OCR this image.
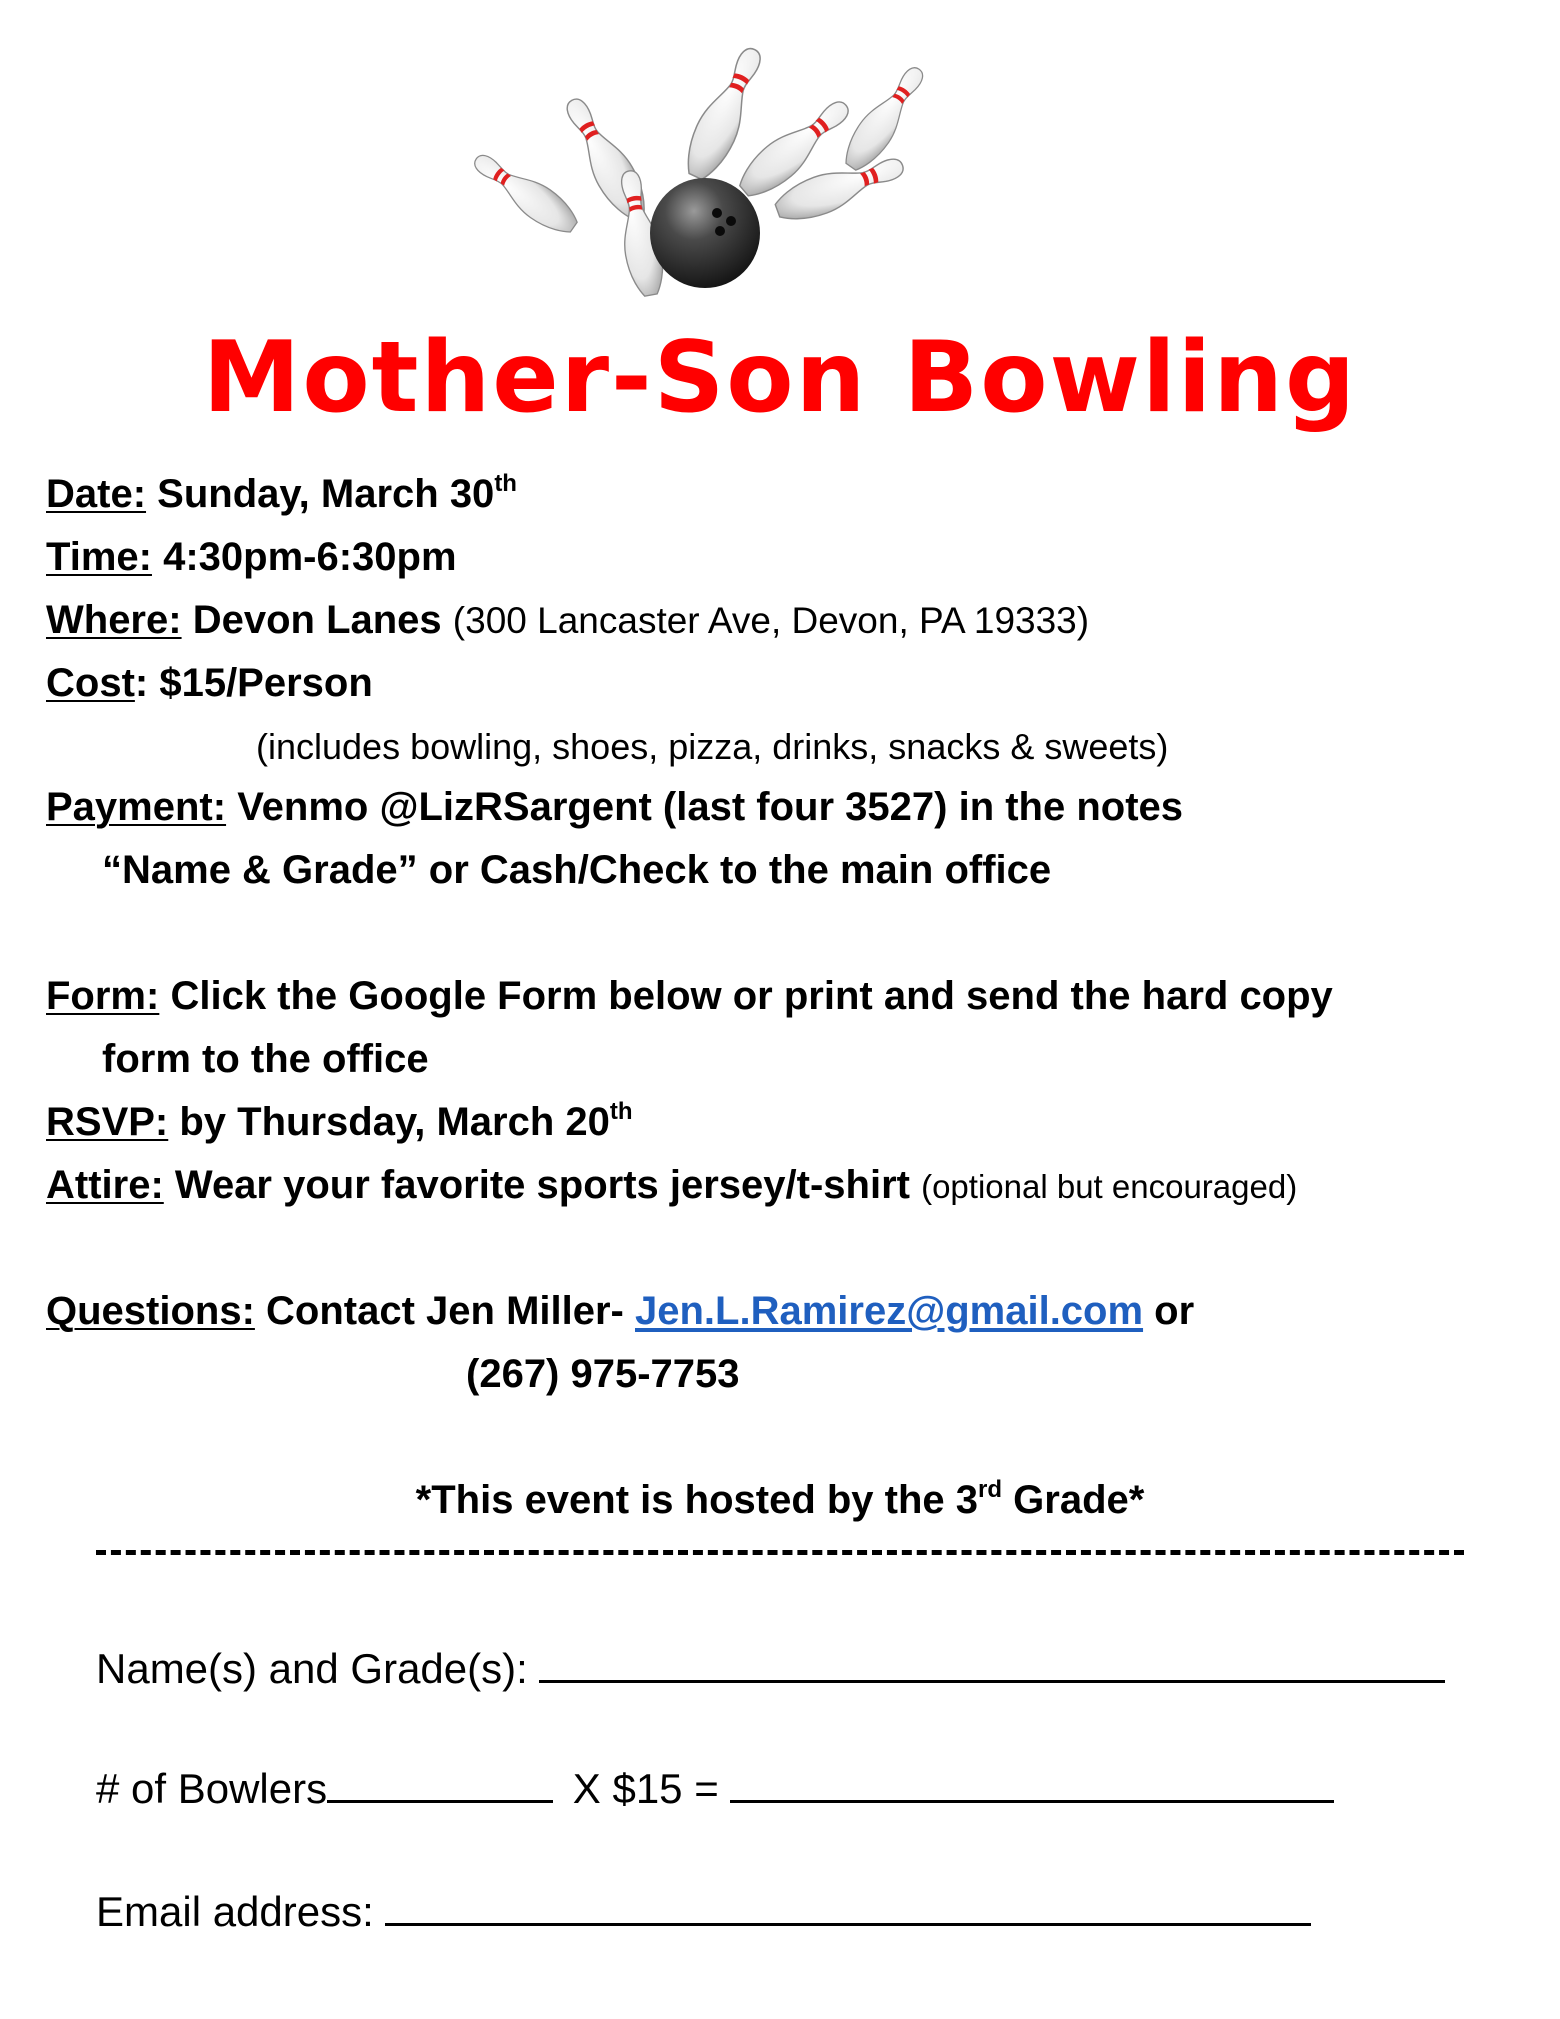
Mother-Son Bowling
Date: Sunday, March 30th
Time: 4:30pm-6:30pm
Where: Devon Lanes (300 Lancaster Ave, Devon, PA 19333)
Cost: $15/Person
(includes bowling, shoes, pizza, drinks, snacks & sweets)
Payment: Venmo @LizRSargent (last four 3527) in the notes
“Name & Grade” or Cash/Check to the main office
Form: Click the Google Form below or print and send the hard copy
form to the office
RSVP: by Thursday, March 20th
Attire: Wear your favorite sports jersey/t-shirt (optional but encouraged)
Questions: Contact Jen Miller- Jen.L.Ramirez@gmail.com or
(267) 975-7753
*This event is hosted by the 3rd Grade*
Name(s) and Grade(s):
# of Bowlers	X $15 =
Email address:
